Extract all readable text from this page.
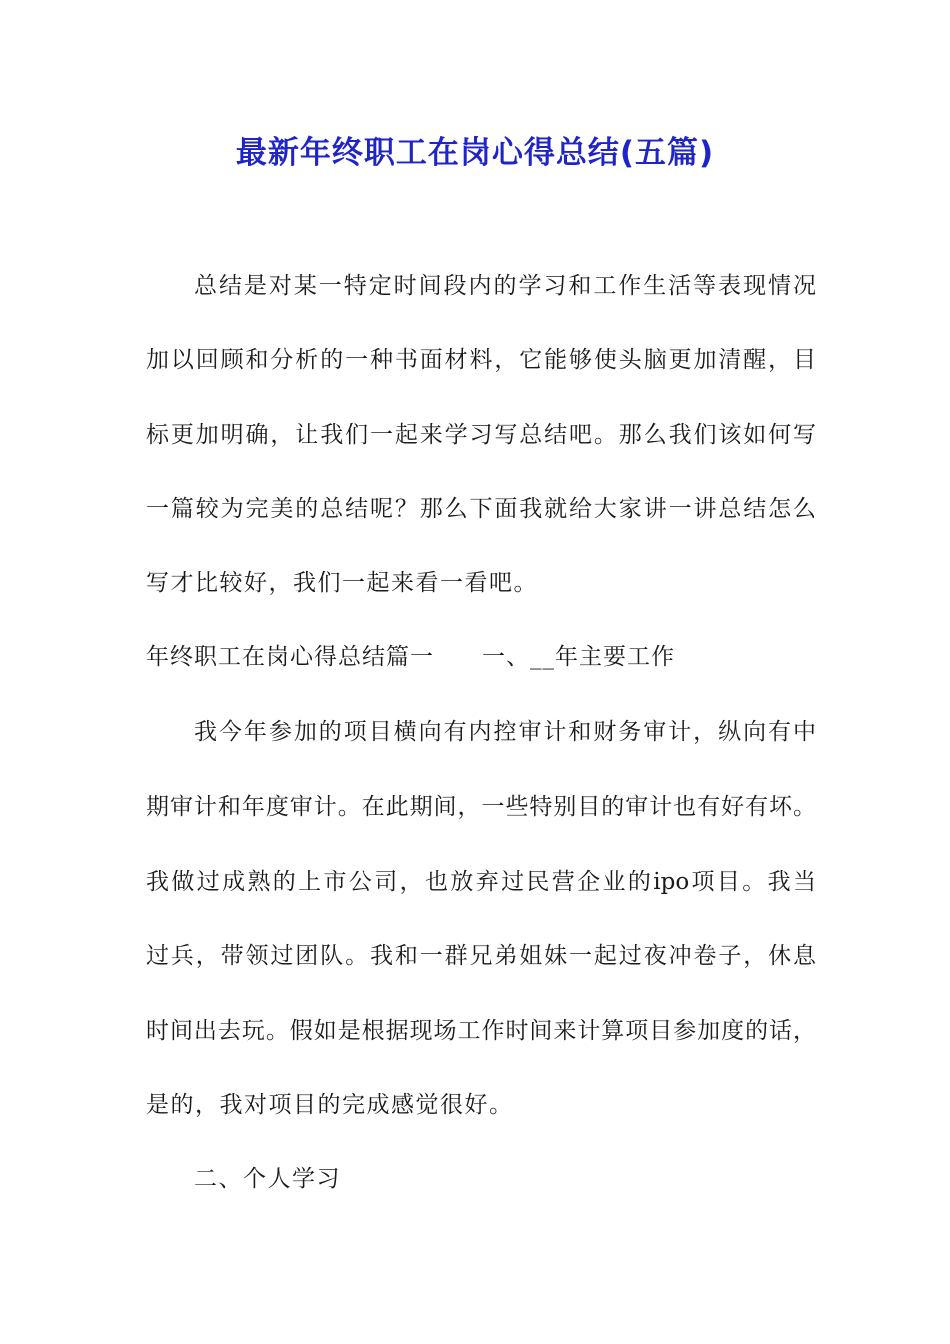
最新年终职工在岗心得总结(五篇)
总结是对某一特定时间段内的学习和工作生活等表现情况
加以回顾和分析的一种书面材料，它能够使头脑更加清醒，目
标更加明确，让我们一起来学习写总结吧。那么我们该如何写
一篇较为完美的总结呢？那么下面我就给大家讲一讲总结怎么
写才比较好，我们一起来看一看吧。
年终职工在岗心得总结篇一 一、__年主要工作
我今年参加的项目横向有内控审计和财务审计，纵向有中
期审计和年度审计。在此期间，一些特别目的审计也有好有坏。
我做过成熟的上市公司，也放弃过民营企业的ipo项目。我当
过兵，带领过团队。我和一群兄弟姐妹一起过夜冲卷子，休息
时间出去玩。假如是根据现场工作时间来计算项目参加度的话，
是的，我对项目的完成感觉很好。
二、个人学习
